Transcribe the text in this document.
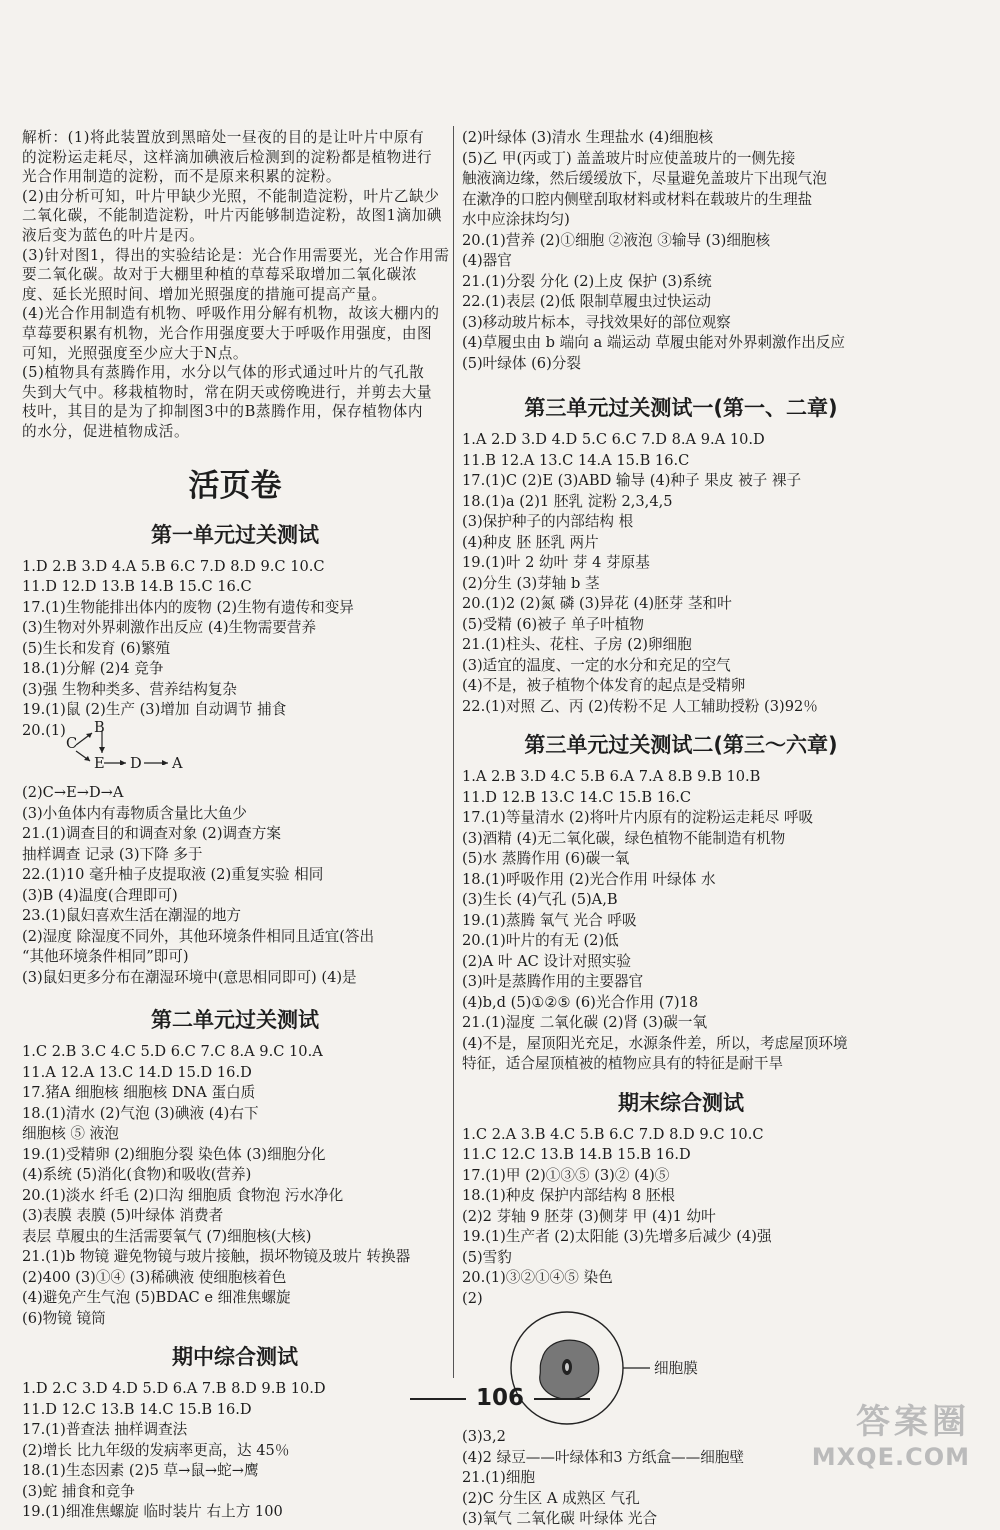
解析：(1)将此装置放到黑暗处一昼夜的目的是让叶片中原有

的淀粉运走耗尽，这样滴加碘液后检测到的淀粉都是植物进行

光合作用制造的淀粉，而不是原来积累的淀粉。

(2)由分析可知，叶片甲缺少光照，不能制造淀粉，叶片乙缺少

二氧化碳，不能制造淀粉，叶片丙能够制造淀粉，故图1滴加碘

液后变为蓝色的叶片是丙。

(3)针对图1，得出的实验结论是：光合作用需要光，光合作用需

要二氧化碳。故对于大棚里种植的草莓采取增加二氧化碳浓

度、延长光照时间、增加光照强度的措施可提高产量。

(4)光合作用制造有机物、呼吸作用分解有机物，故该大棚内的

草莓要积累有机物，光合作用强度要大于呼吸作用强度，由图

可知，光照强度至少应大于N点。

(5)植物具有蒸腾作用，水分以气体的形式通过叶片的气孔散

失到大气中。移栽植物时，常在阴天或傍晚进行，并剪去大量

枝叶，其目的是为了抑制图3中的B蒸腾作用，保存植物体内

的水分，促进植物成活。

活页卷

第一单元过关测试

1.D 2.B 3.D 4.A 5.B 6.C 7.D 8.D 9.C 10.C

11.D 12.D 13.B 14.B 15.C 16.C

17.(1)生物能排出体内的废物 (2)生物有遗传和变异

(3)生物对外界刺激作出反应 (4)生物需要营养

(5)生长和发育 (6)繁殖

18.(1)分解 (2)4 竞争

(3)强 生物种类多、营养结构复杂

19.(1)鼠 (2)生产 (3)增加 自动调节 捕食

20.(1)

C
B
E D A

(2)C→E→D→A

(3)小鱼体内有毒物质含量比大鱼少

21.(1)调查目的和调查对象 (2)调查方案

抽样调查 记录 (3)下降 多于

22.(1)10 毫升柚子皮提取液 (2)重复实验 相同

(3)B (4)温度(合理即可)

23.(1)鼠妇喜欢生活在潮湿的地方

(2)湿度 除湿度不同外，其他环境条件相同且适宜(答出

“其他环境条件相同”即可)

(3)鼠妇更多分布在潮湿环境中(意思相同即可) (4)是

第二单元过关测试

1.C 2.B 3.C 4.C 5.D 6.C 7.C 8.A 9.C 10.A

11.A 12.A 13.C 14.D 15.D 16.D

17.猪A 细胞核 细胞核 DNA 蛋白质

18.(1)清水 (2)气泡 (3)碘液 (4)右下

细胞核 ⑤ 液泡

19.(1)受精卵 (2)细胞分裂 染色体 (3)细胞分化

(4)系统 (5)消化(食物)和吸收(营养)

20.(1)淡水 纤毛 (2)口沟 细胞质 食物泡 污水净化

(3)表膜 表膜 (5)叶绿体 消费者

表层 草履虫的生活需要氧气 (7)细胞核(大核)

21.(1)b 物镜 避免物镜与玻片接触，损坏物镜及玻片 转换器

(2)400 (3)①④ (3)稀碘液 使细胞核着色

(4)避免产生气泡 (5)BDAC e 细准焦螺旋

(6)物镜 镜筒

期中综合测试

1.D 2.C 3.D 4.D 5.D 6.A 7.B 8.D 9.B 10.D

11.D 12.C 13.B 14.C 15.B 16.D

17.(1)普查法 抽样调查法

(2)增长 比九年级的发病率更高，达 45％

18.(1)生态因素 (2)5 草→鼠→蛇→鹰

(3)蛇 捕食和竞争

19.(1)细准焦螺旋 临时装片 右上方 100

(2)叶绿体 (3)清水 生理盐水 (4)细胞核

(5)乙 甲(丙或丁) 盖盖玻片时应使盖玻片的一侧先接

触液滴边缘，然后缓缓放下，尽量避免盖玻片下出现气泡

在漱净的口腔内侧壁刮取材料或材料在载玻片的生理盐

水中应涂抹均匀)

20.(1)营养 (2)①细胞 ②液泡 ③输导 (3)细胞核

(4)器官

21.(1)分裂 分化 (2)上皮 保护 (3)系统

22.(1)表层 (2)低 限制草履虫过快运动

(3)移动玻片标本，寻找效果好的部位观察

(4)草履虫由 b 端向 a 端运动 草履虫能对外界刺激作出反应

(5)叶绿体 (6)分裂

第三单元过关测试一(第一、二章)

1.A 2.D 3.D 4.D 5.C 6.C 7.D 8.A 9.A 10.D

11.B 12.A 13.C 14.A 15.B 16.C

17.(1)C (2)E (3)ABD 输导 (4)种子 果皮 被子 裸子

18.(1)a (2)1 胚乳 淀粉 2,3,4,5

(3)保护种子的内部结构 根

(4)种皮 胚 胚乳 两片

19.(1)叶 2 幼叶 芽 4 芽原基

(2)分生 (3)芽轴 b 茎

20.(1)2 (2)氮 磷 (3)异花 (4)胚芽 茎和叶

(5)受精 (6)被子 单子叶植物

21.(1)柱头、花柱、子房 (2)卵细胞

(3)适宜的温度、一定的水分和充足的空气

(4)不是，被子植物个体发育的起点是受精卵

22.(1)对照 乙、丙 (2)传粉不足 人工辅助授粉 (3)92％

第三单元过关测试二(第三～六章)

1.A 2.B 3.D 4.C 5.B 6.A 7.A 8.B 9.B 10.B

11.D 12.B 13.C 14.C 15.B 16.C

17.(1)等量清水 (2)将叶片内原有的淀粉运走耗尽 呼吸

(3)酒精 (4)无二氧化碳，绿色植物不能制造有机物

(5)水 蒸腾作用 (6)碳一氧

18.(1)呼吸作用 (2)光合作用 叶绿体 水

(3)生长 (4)气孔 (5)A,B

19.(1)蒸腾 氧气 光合 呼吸

20.(1)叶片的有无 (2)低

(2)A 叶 AC 设计对照实验

(3)叶是蒸腾作用的主要器官

(4)b,d (5)①②⑤ (6)光合作用 (7)18

21.(1)湿度 二氧化碳 (2)肾 (3)碳一氧

(4)不是，屋顶阳光充足，水源条件差，所以，考虑屋顶环境

特征，适合屋顶植被的植物应具有的特征是耐干旱

期末综合测试

1.C 2.A 3.B 4.C 5.B 6.C 7.D 8.D 9.C 10.C

11.C 12.C 13.B 14.B 15.B 16.D

17.(1)甲 (2)①③⑤ (3)② (4)⑤

18.(1)种皮 保护内部结构 8 胚根

(2)2 芽轴 9 胚芽 (3)侧芽 甲 (4)1 幼叶

19.(1)生产者 (2)太阳能 (3)先增多后减少 (4)强

(5)雪豹

20.(1)③②①④⑤ 染色

(2)

细胞膜

(3)3,2

(4)2 绿豆——叶绿体和3 方纸盒——细胞壁

21.(1)细胞

(2)C 分生区 A 成熟区 气孔

(3)氧气 二氧化碳 叶绿体 光合

106
答案圈
MXQE.COM
